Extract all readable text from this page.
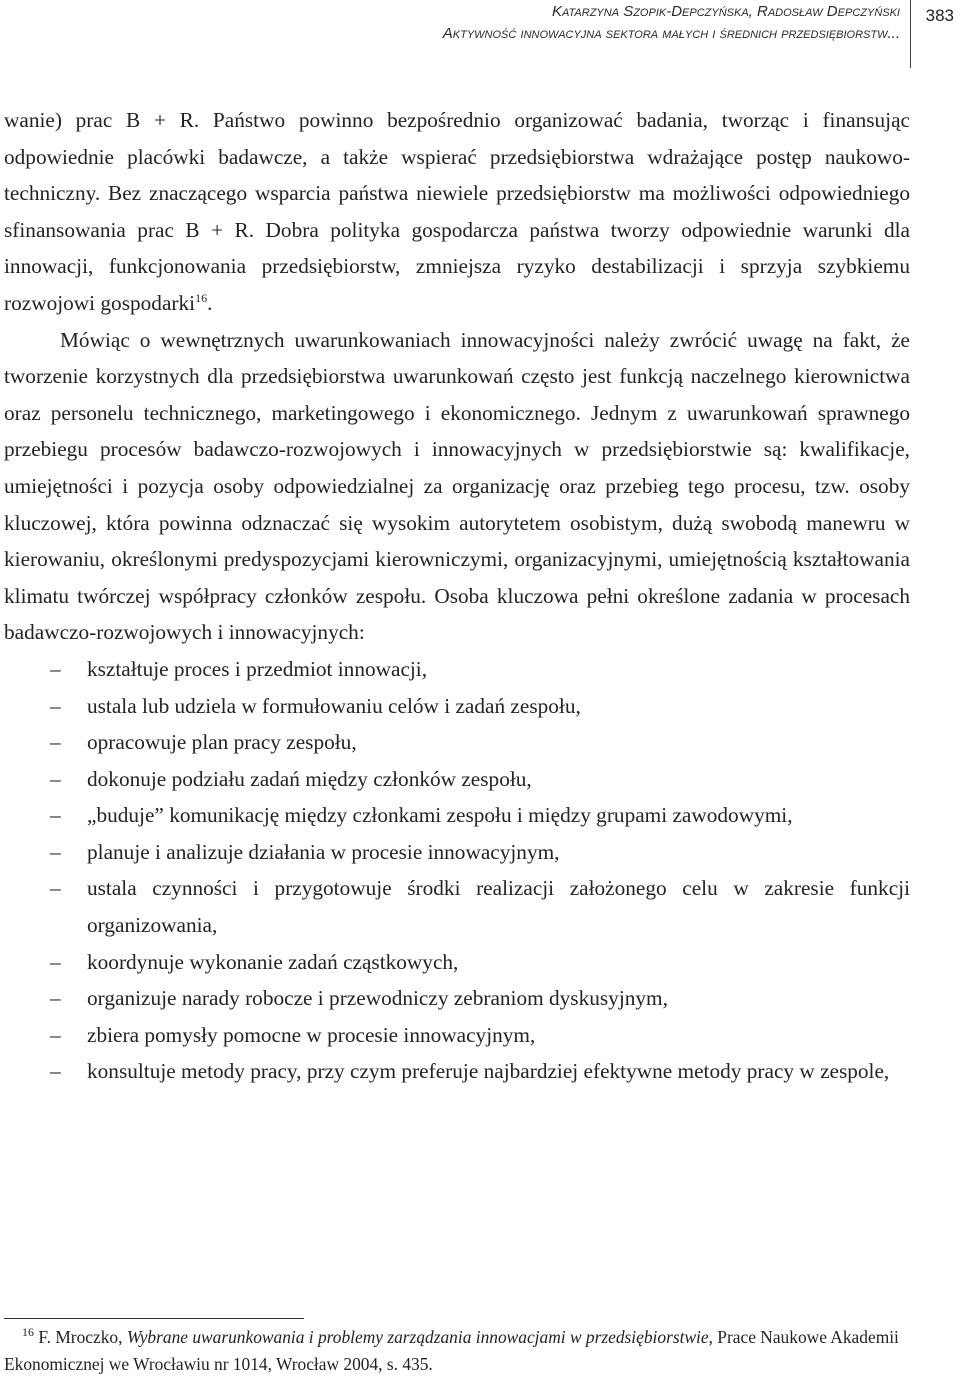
Katarzyna Szopik-Depczyńska, Radosław Depczyński

Aktywność innowacyjna sektora małych i średnich przedsiębiorstw...

383

wanie) prac B + R. Państwo powinno bezpośrednio organizować badania, tworząc i finansując odpowiednie placówki badawcze, a także wspierać przedsiębiorstwa wdrażające postęp naukowo-techniczny. Bez znaczącego wsparcia państwa niewiele przedsiębiorstw ma możliwości odpowiedniego sfinansowania prac B + R. Dobra polityka gospodarcza państwa tworzy odpowiednie warunki dla innowacji, funkcjonowania przedsiębiorstw, zmniejsza ryzyko destabilizacji i sprzyja szybkiemu rozwojowi gospodarki$^{16}$.

Mówiąc o wewnętrznych uwarunkowaniach innowacyjności należy zwrócić uwagę na fakt, że tworzenie korzystnych dla przedsiębiorstwa uwarunkowań często jest funkcją naczelnego kierownictwa oraz personelu technicznego, marketingowego i ekonomicznego. Jednym z uwarunkowań sprawnego przebiegu procesów badawczo-rozwojowych i innowacyjnych w przedsiębiorstwie są: kwalifikacje, umiejętności i pozycja osoby odpowiedzialnej za organizację oraz przebieg tego procesu, tzw. osoby kluczowej, która powinna odznaczać się wysokim autorytetem osobistym, dużą swobodą manewru w kierowaniu, określonymi predyspozycjami kierowniczymi, organizacyjnymi, umiejętnością kształtowania klimatu twórczej współpracy członków zespołu. Osoba kluczowa pełni określone zadania w procesach badawczo-rozwojowych i innowacyjnych:

– kształtuje proces i przedmiot innowacji,
– ustala lub udziela w formułowaniu celów i zadań zespołu,
– opracowuje plan pracy zespołu,
– dokonuje podziału zadań między członków zespołu,
– „buduje” komunikację między członkami zespołu i między grupami zawodowymi,
– planuje i analizuje działania w procesie innowacyjnym,
– ustala czynności i przygotowuje środki realizacji założonego celu w zakresie funkcji organizowania,
– koordynuje wykonanie zadań cząstkowych,
– organizuje narady robocze i przewodniczy zebraniom dyskusyjnym,
– zbiera pomysły pomocne w procesie innowacyjnym,
– konsultuje metody pracy, przy czym preferuje najbardziej efektywne metody pracy w zespole,

$^{16}$ F. Mroczko, Wybrane uwarunkowania i problemy zarządzania innowacjami w przedsiębiorstwie, Prace Naukowe Akademii Ekonomicznej we Wrocławiu nr 1014, Wrocław 2004, s. 435.
